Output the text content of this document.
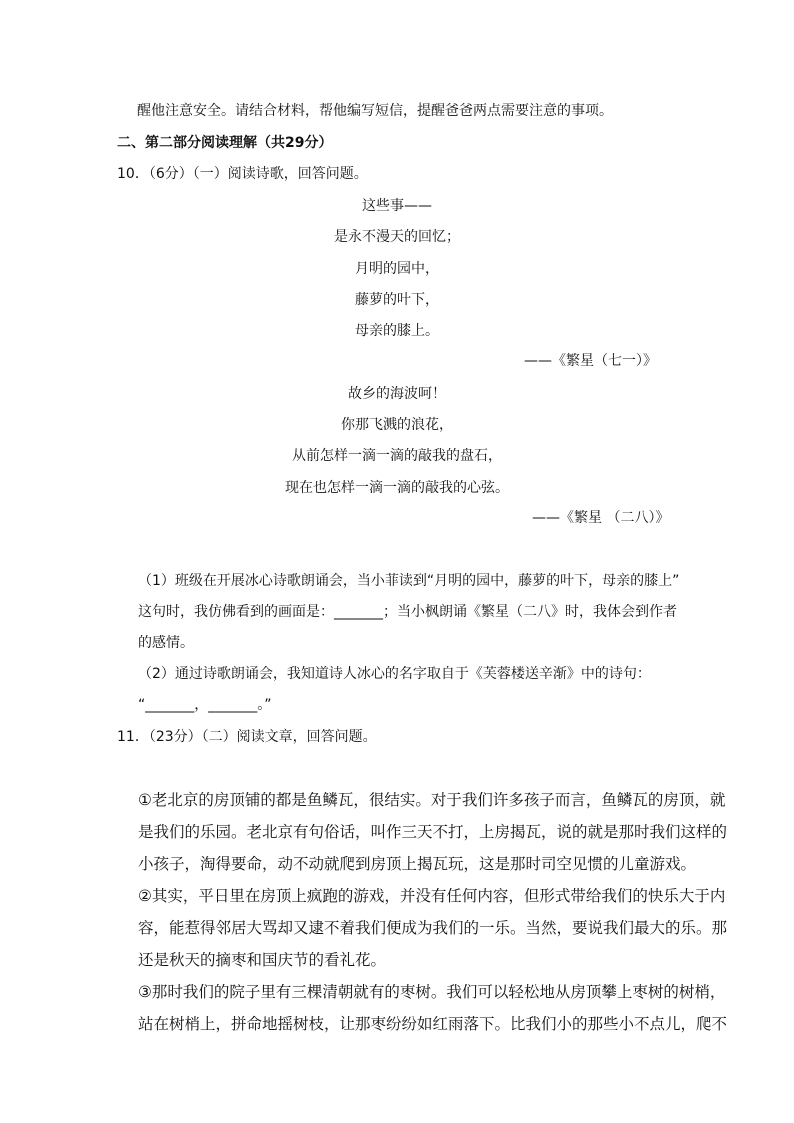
醒他注意安全。请结合材料，帮他编写短信，提醒爸爸两点需要注意的事项。
二、第二部分阅读理解（共29分）
10．（6分）（一）阅读诗歌，回答问题。
这些事——
是永不漫天的回忆；
月明的园中，
藤萝的叶下，
母亲的膝上。
——《繁星（七一）》
故乡的海波呵！
你那飞溅的浪花，
从前怎样一滴一滴的敲我的盘石，
现在也怎样一滴一滴的敲我的心弦。
——《繁星 （二八）》
（1）班级在开展冰心诗歌朗诵会，当小菲读到“月明的园中，藤萝的叶下，母亲的膝上”
这句时，我仿佛看到的画面是：_______；当小枫朗诵《繁星（二八》时，我体会到作者
的感情。
（2）通过诗歌朗诵会，我知道诗人冰心的名字取自于《芙蓉楼送辛渐》中的诗句：
“_______，_______。”
11．（23分）（二）阅读文章，回答问题。
①老北京的房顶铺的都是鱼鳞瓦，很结实。对于我们许多孩子而言，鱼鳞瓦的房顶，就
是我们的乐园。老北京有句俗话，叫作三天不打，上房揭瓦，说的就是那时我们这样的
小孩子，淘得要命，动不动就爬到房顶上揭瓦玩，这是那时司空见惯的儿童游戏。
②其实，平日里在房顶上疯跑的游戏，并没有任何内容，但形式带给我们的快乐大于内
容，能惹得邻居大骂却又逮不着我们便成为我们的一乐。当然，要说我们最大的乐。那
还是秋天的摘枣和国庆节的看礼花。
③那时我们的院子里有三棵清朝就有的枣树。我们可以轻松地从房顶攀上枣树的树梢，
站在树梢上，拼命地摇树枝，让那枣纷纷如红雨落下。比我们小的那些小不点儿，爬不
